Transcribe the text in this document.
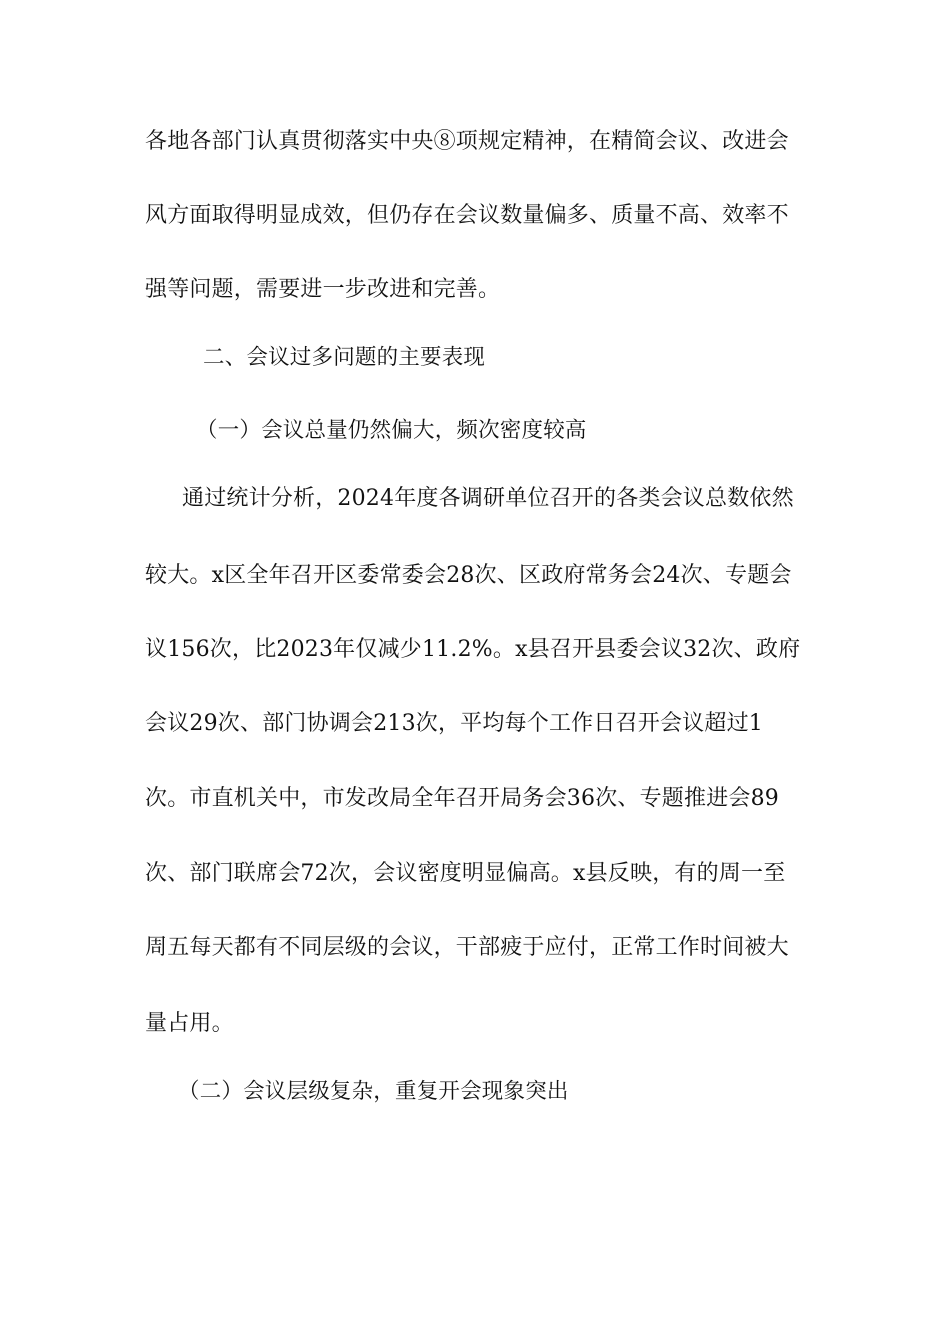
各地各部门认真贯彻落实中央⑧项规定精神，在精简会议、改进会
风方面取得明显成效，但仍存在会议数量偏多、质量不高、效率不
强等问题，需要进一步改进和完善。
二、会议过多问题的主要表现
（一）会议总量仍然偏大，频次密度较高
通过统计分析，2024年度各调研单位召开的各类会议总数依然
较大。x区全年召开区委常委会28次、区政府常务会24次、专题会
议156次，比2023年仅减少11.2%。x县召开县委会议32次、政府
会议29次、部门协调会213次，平均每个工作日召开会议超过1
次。市直机关中，市发改局全年召开局务会36次、专题推进会89
次、部门联席会72次，会议密度明显偏高。x县反映，有的周一至
周五每天都有不同层级的会议，干部疲于应付，正常工作时间被大
量占用。
（二）会议层级复杂，重复开会现象突出
